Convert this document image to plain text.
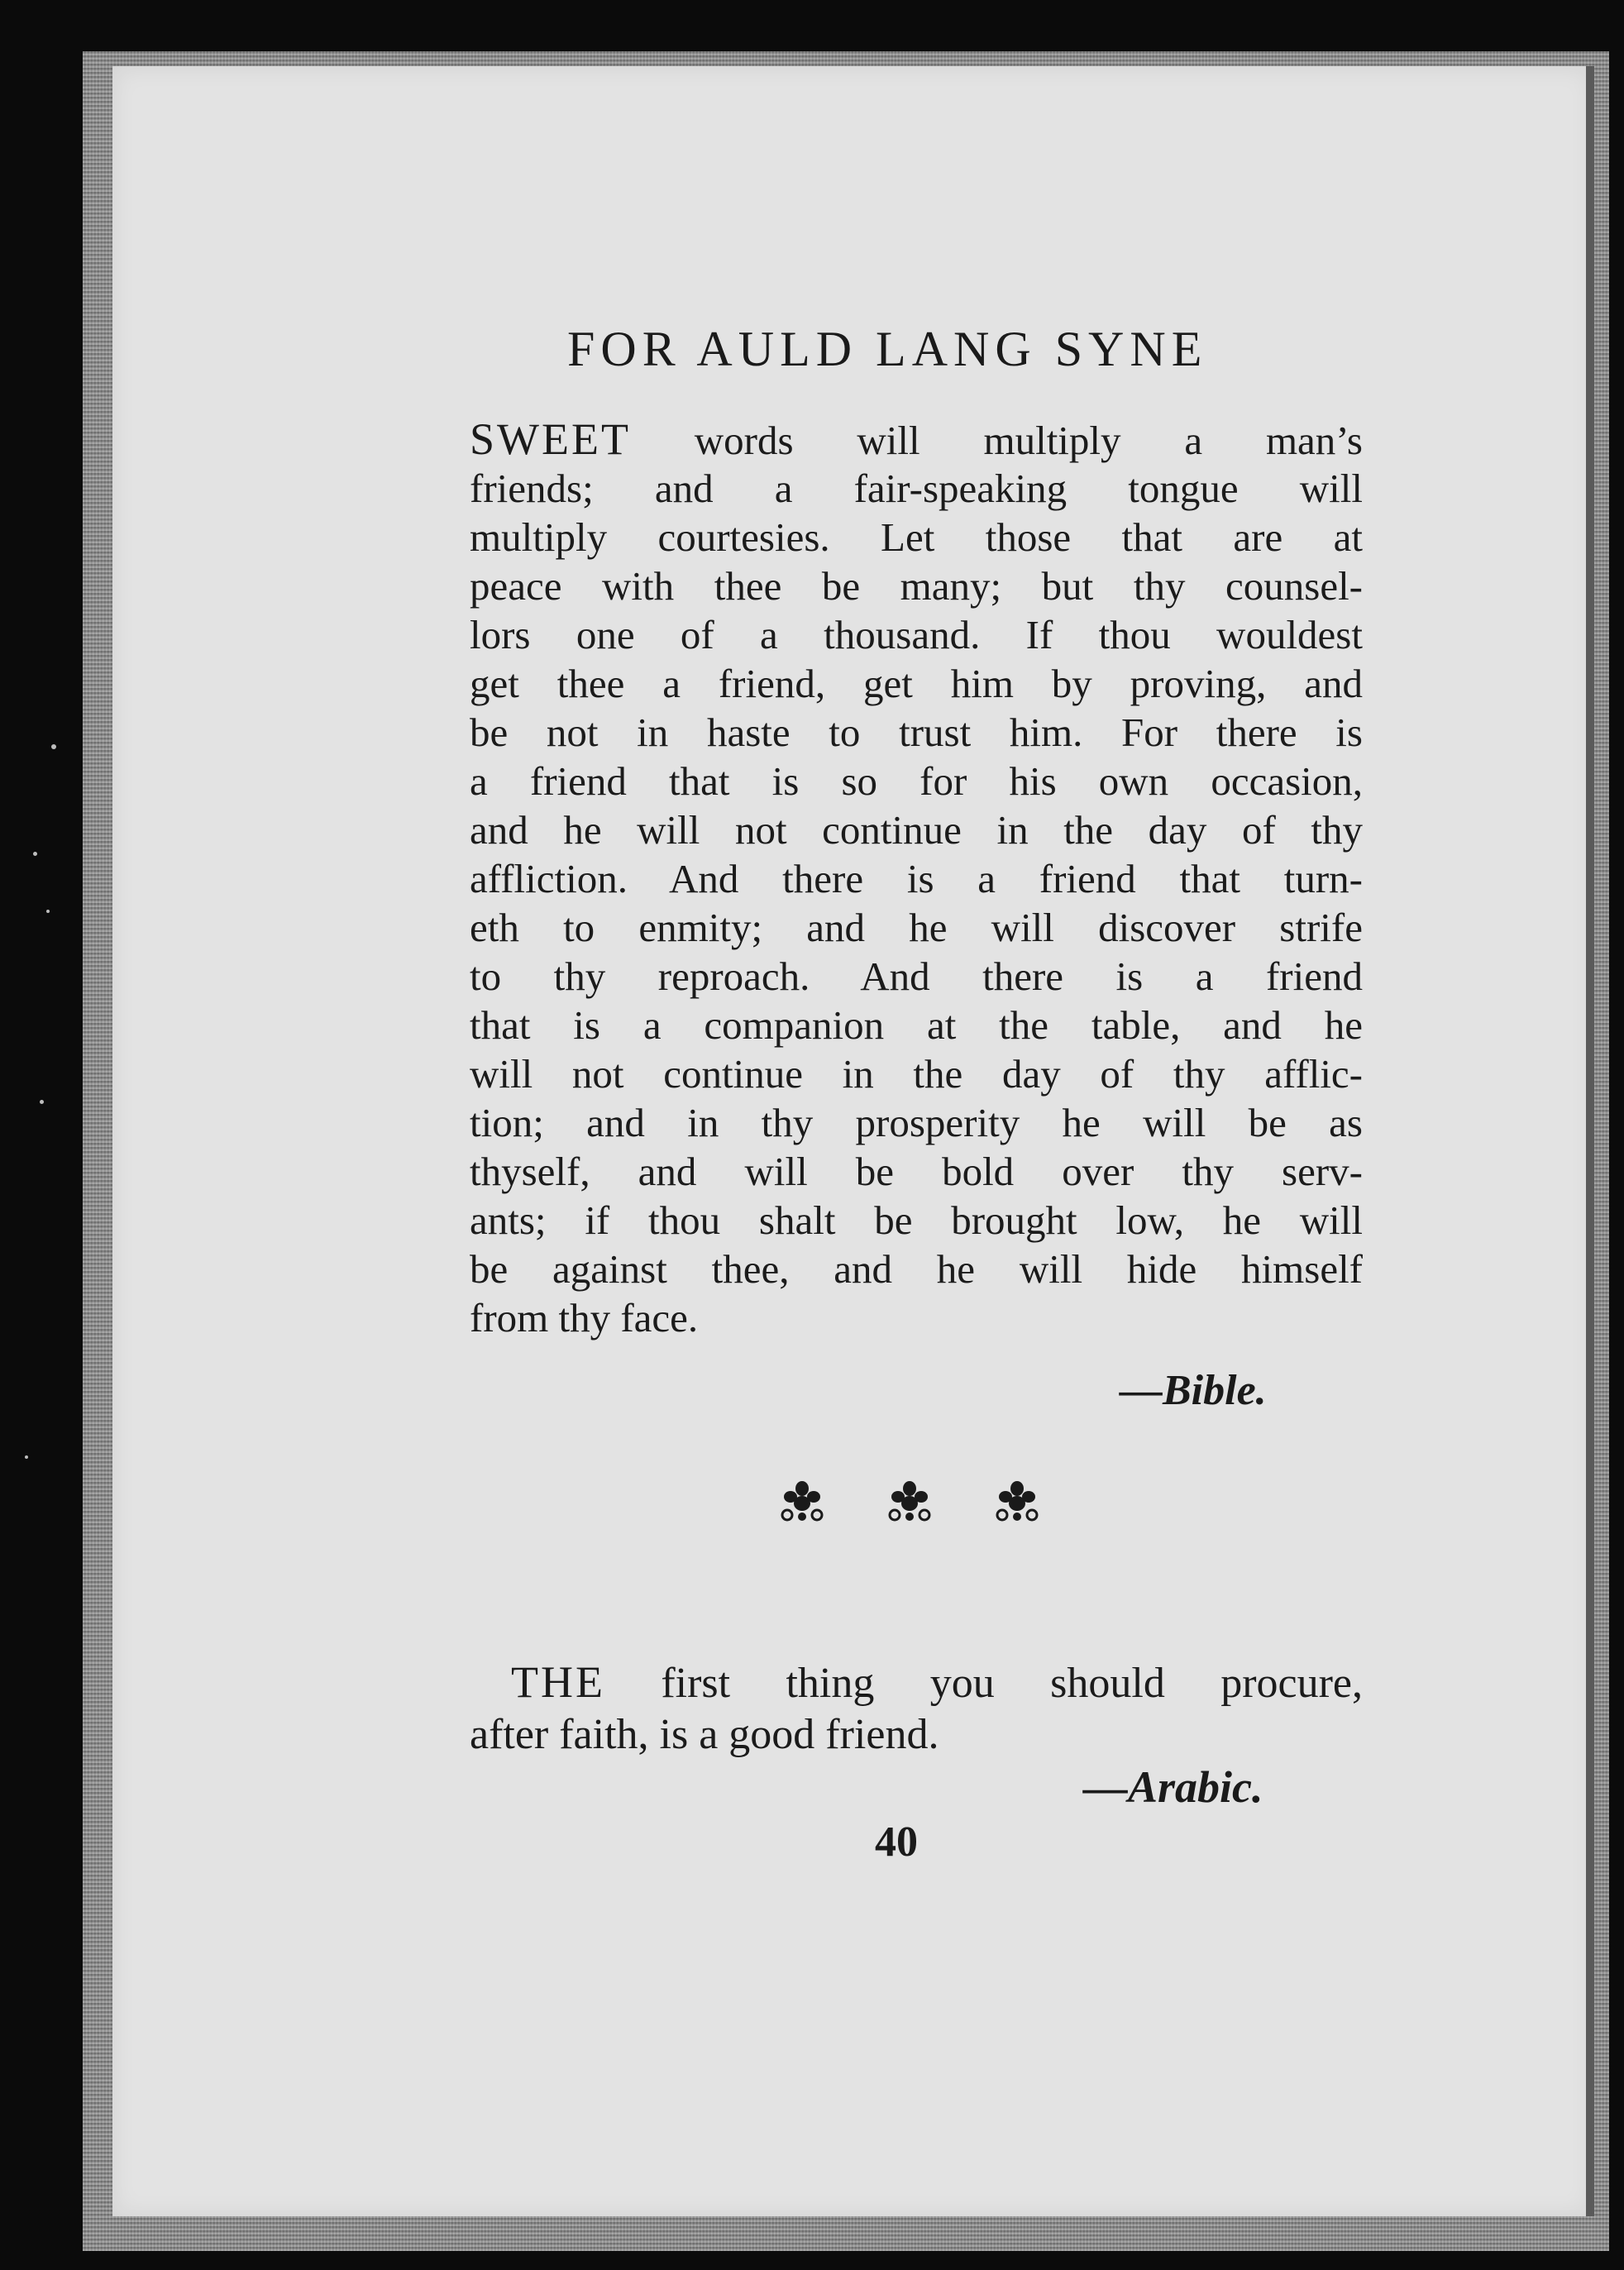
FOR AULD LANG SYNE
SWEET words will multiply a man’s
friends; and a fair-speaking tongue will
multiply courtesies. Let those that are at
peace with thee be many; but thy counsel-
lors one of a thousand. If thou wouldest
get thee a friend, get him by proving, and
be not in haste to trust him. For there is
a friend that is so for his own occasion,
and he will not continue in the day of thy
affliction. And there is a friend that turn-
eth to enmity; and he will discover strife
to thy reproach. And there is a friend
that is a companion at the table, and he
will not continue in the day of thy afflic-
tion; and in thy prosperity he will be as
thyself, and will be bold over thy serv-
ants; if thou shalt be brought low, he will
be against thee, and he will hide himself
from thy face.
—Bible.
THE first thing you should procure,
after faith, is a good friend.
—Arabic.
40
